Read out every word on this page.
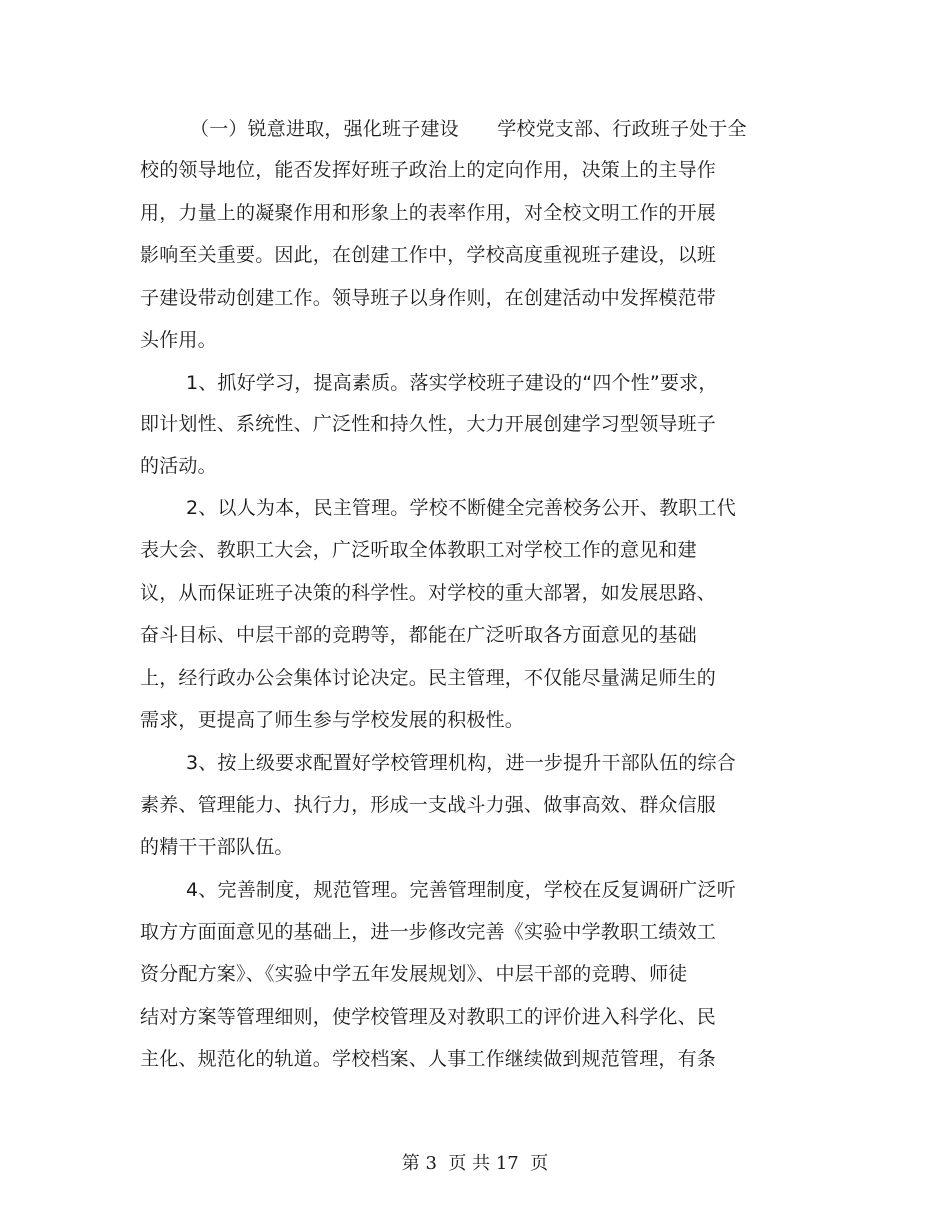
（一）锐意进取，强化班子建设　　学校党支部、行政班子处于全
校的领导地位，能否发挥好班子政治上的定向作用，决策上的主导作
用，力量上的凝聚作用和形象上的表率作用，对全校文明工作的开展
影响至关重要。因此，在创建工作中，学校高度重视班子建设，以班
子建设带动创建工作。领导班子以身作则，在创建活动中发挥模范带
头作用。
1、抓好学习，提高素质。落实学校班子建设的“四个性”要求，
即计划性、系统性、广泛性和持久性，大力开展创建学习型领导班子
的活动。
2、以人为本，民主管理。学校不断健全完善校务公开、教职工代
表大会、教职工大会，广泛听取全体教职工对学校工作的意见和建
议，从而保证班子决策的科学性。对学校的重大部署，如发展思路、
奋斗目标、中层干部的竞聘等，都能在广泛听取各方面意见的基础
上，经行政办公会集体讨论决定。民主管理，不仅能尽量满足师生的
需求，更提高了师生参与学校发展的积极性。
3、按上级要求配置好学校管理机构，进一步提升干部队伍的综合
素养、管理能力、执行力，形成一支战斗力强、做事高效、群众信服
的精干干部队伍。
4、完善制度，规范管理。完善管理制度，学校在反复调研广泛听
取方方面面意见的基础上，进一步修改完善《实验中学教职工绩效工
资分配方案》、《实验中学五年发展规划》、中层干部的竞聘、师徒
结对方案等管理细则，使学校管理及对教职工的评价进入科学化、民
主化、规范化的轨道。学校档案、人事工作继续做到规范管理，有条
第 3  页 共 17  页
